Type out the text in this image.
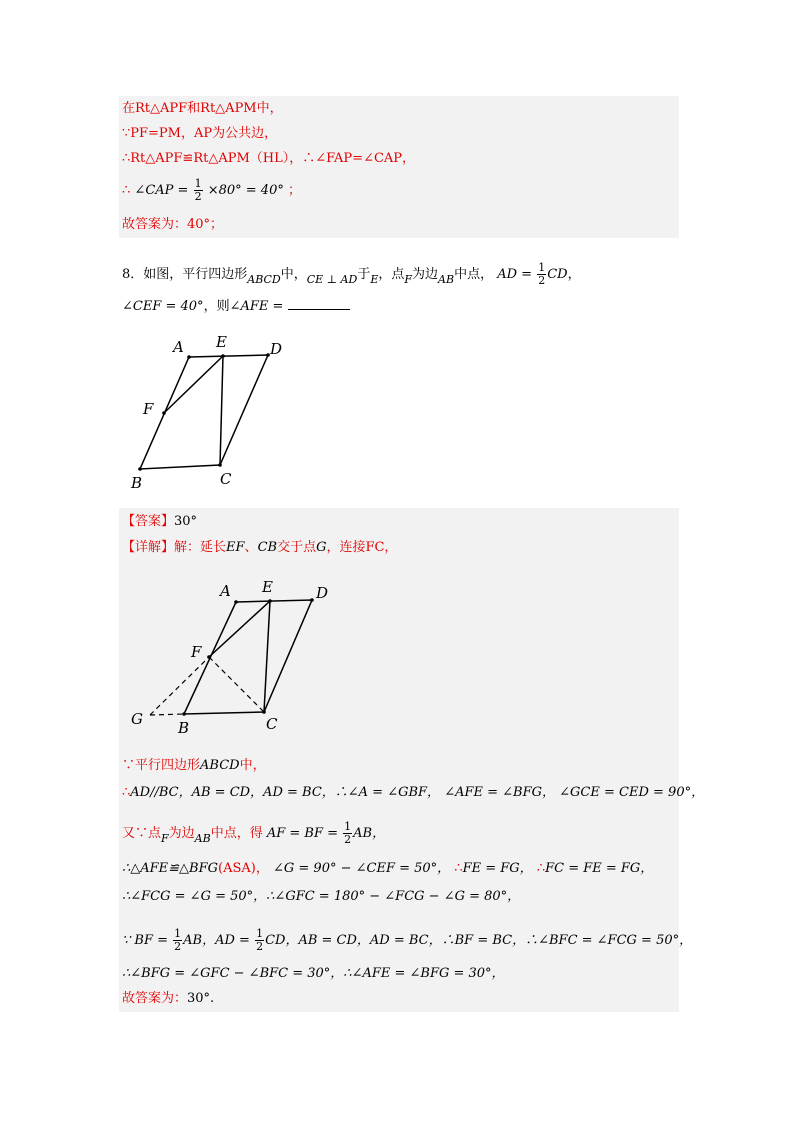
在Rt△APF和Rt△APM中，
∵PF=PM，AP为公共边，
∴Rt△APF≌Rt△APM（HL），∴∠FAP=∠CAP，
∴ ∠CAP = $\frac{1}{2} \times 80^\circ = 40^\circ$ ；
故答案为：40°；
8．如图，平行四边形$_{ABCD}$中，$_{CE \perp AD}$于$_E$，点$_F$为边$_{AB}$中点， AD = $\frac{1}{2}$ CD，
∠CEF = 40°，则∠AFE =
A E	D
F
B	C
【答案】30°
【详解】解：延长EF、CB交于点G，连接FC，
A E	D
F
G B	C
∵平行四边形ABCD中，
∴AD//BC，AB = CD，AD = BC，∴∠A = ∠GBF， ∠AFE = ∠BFG， ∠GCE = CED = 90°，
又∵点$_F$为边$_{AB}$中点，得 AF = BF = $\frac{1}{2}$ AB，
∴△AFE≌△BFG(ASA)， ∠G = 90° − ∠CEF = 50°， ∴FE = FG， ∴FC = FE = FG，
∴∠FCG = ∠G = 50°，∴∠GFC = 180° − ∠FCG − ∠G = 80°，
∵ BF = $\frac{1}{2}$ AB，AD = $\frac{1}{2}$ CD，AB = CD，AD = BC，∴BF = BC，∴∠BFC = ∠FCG = 50°，
∴∠BFG = ∠GFC − ∠BFC = 30°，∴∠AFE = ∠BFG = 30°，
故答案为：30°.
